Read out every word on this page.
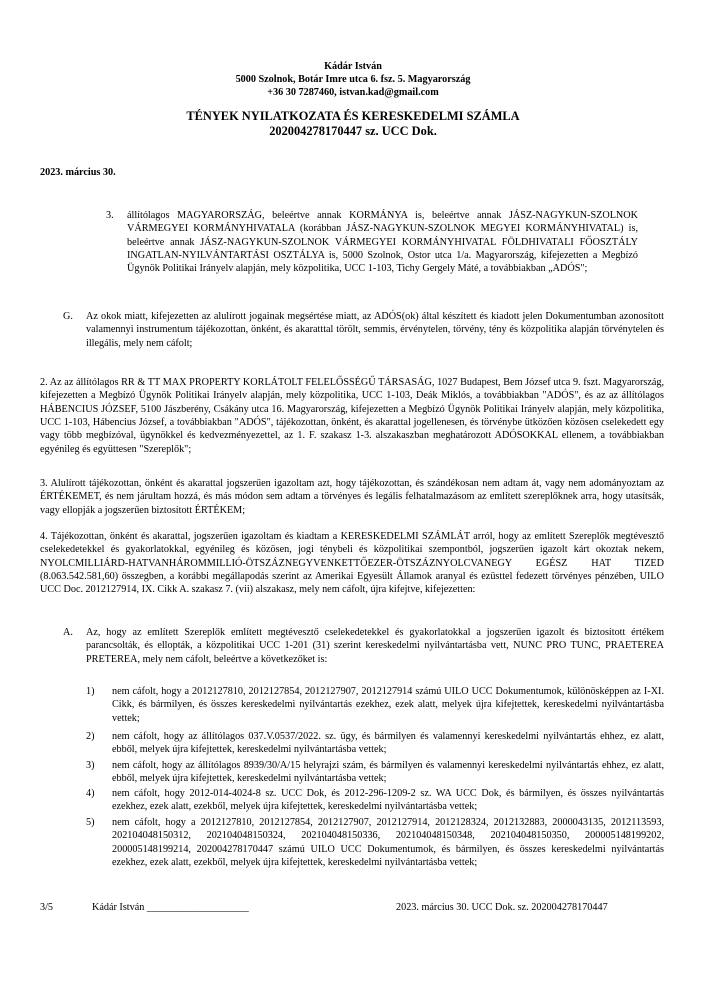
Kádár István
5000 Szolnok, Botár Imre utca 6. fsz. 5. Magyarország
+36 30 7287460, istvan.kad@gmail.com
TÉNYEK NYILATKOZATA ÉS KERESKEDELMI SZÁMLA
202004278170447 sz. UCC Dok.
2023. március 30.
3. állítólagos MAGYARORSZÁG, beleértve annak KORMÁNYA is, beleértve annak JÁSZ-NAGYKUN-SZOLNOK VÁRMEGYEI KORMÁNYHIVATALA (korábban JÁSZ-NAGYKUN-SZOLNOK MEGYEI KORMÁNYHIVATAL) is, beleértve annak JÁSZ-NAGYKUN-SZOLNOK VÁRMEGYEI KORMÁNYHIVATAL FÖLDHIVATALI FŐOSZTÁLY INGATLAN-NYILVÁNTARTÁSI OSZTÁLYA is, 5000 Szolnok, Ostor utca 1/a. Magyarország, kifejezetten a Megbízó Ügynök Politikai Irányelv alapján, mely közpolitika, UCC 1-103, Tichy Gergely Máté, a továbbiakban „ADÓS";
G. Az okok miatt, kifejezetten az alulírott jogainak megsértése miatt, az ADÓS(ok) által készített és kiadott jelen Dokumentumban azonosított valamennyi instrumentum tájékozottan, önként, és akaratttal törölt, semmis, érvénytelen, törvény, tény és közpolitika alapján törvénytelen és illegális, mely nem cáfolt;
2. Az az állítólagos RR & TT MAX PROPERTY KORLÁTOLT FELELŐSSÉGŰ TÁRSASÁG, 1027 Budapest, Bem József utca 9. fszt. Magyarország, kifejezetten a Megbízó Ügynök Politikai Irányelv alapján, mely közpolitika, UCC 1-103, Deák Miklós, a továbbiakban "ADÓS", és az az állítólagos HÁBENCIUS JÓZSEF, 5100 Jászberény, Csákány utca 16. Magyarország, kifejezetten a Megbízó Ügynök Politikai Irányelv alapján, mely közpolitika, UCC 1-103, Hábencius József, a továbbiakban "ADÓS", tájékozottan, önként, és akarattal jogellenesen, és törvénybe ütközően közösen cselekedett egy vagy több megbízóval, ügynökkel és kedvezményezettel, az 1. F. szakasz 1-3. alszakaszban meghatározott ADÓSOKKAL ellenem, a továbbiakban egyénileg és együttesen "Szereplők";
3. Alulírott tájékozottan, önként és akarattal jogszerűen igazoltam azt, hogy tájékozottan, és szándékosan nem adtam át, vagy nem adományoztam az ÉRTÉKEMET, és nem járultam hozzá, és más módon sem adtam a törvényes és legális felhatalmazásom az említett szereplőknek arra, hogy utasítsák, vagy ellopják a jogszerűen biztosított ÉRTÉKEM;
4. Tájékozottan, önként és akarattal, jogszerűen igazoltam és kiadtam a KERESKEDELMI SZÁMLÁT arról, hogy az említett Szereplők megtévesztő cselekedetekkel és gyakorlatokkal, egyénileg és közösen, jogi ténybeli és közpolitikai szempontból, jogszerűen igazolt kárt okoztak nekem, NYOLCMILLIÁRD-HATVANHÁROMMILLIÓ-ÖTSZÁZNEGYVENKETTŐEZER-ÖTSZÁZNYOLCVANEGY EGÉSZ HAT TIZED (8.063.542.581,60) összegben, a korábbi megállapodás szerint az Amerikai Egyesült Államok aranyal és ezüsttel fedezett törvényes pénzében, UILO UCC Doc. 2012127914, IX. Cikk A. szakasz 7. (vii) alszakasz, mely nem cáfolt, újra kifejtve, kifejezetten:
A. Az, hogy az említett Szereplők említett megtévesztő cselekedetekkel és gyakorlatokkal a jogszerűen igazolt és biztosított értékem parancsolták, és ellopták, a közpolitikai UCC 1-201 (31) szerint kereskedelmi nyilvántartásba vett, NUNC PRO TUNC, PRAETEREA PRETEREA, mely nem cáfolt, beleértve a következőket is:
1) nem cáfolt, hogy a 2012127810, 2012127854, 2012127907, 2012127914 számú UILO UCC Dokumentumok, különösképpen az I-XI. Cikk, és bármilyen, és összes kereskedelmi nyilvántartás ezekhez, ezek alatt, melyek újra kifejtettek, kereskedelmi nyilvántartásba vettek;
2) nem cáfolt, hogy az állítólagos 037.V.0537/2022. sz. ügy, és bármilyen és valamennyi kereskedelmi nyilvántartás ehhez, ez alatt, ebből, melyek újra kifejtettek, kereskedelmi nyilvántartásba vettek;
3) nem cáfolt, hogy az állítólagos 8939/30/A/15 helyrajzi szám, és bármilyen és valamennyi kereskedelmi nyilvántartás ehhez, ez alatt, ebből, melyek újra kifejtettek, kereskedelmi nyilvántartásba vettek;
4) nem cáfolt, hogy 2012-014-4024-8 sz. UCC Dok, és 2012-296-1209-2 sz. WA UCC Dok, és bármilyen, és összes nyilvántartás ezekhez, ezek alatt, ezekből, melyek újra kifejtettek, kereskedelmi nyilvántartásba vettek;
5) nem cáfolt, hogy a 2012127810, 2012127854, 2012127907, 2012127914, 2012128324, 2012132883, 2000043135, 2012113593, 202104048150312, 202104048150324, 202104048150336, 202104048150348, 202104048150350, 200005148199202, 200005148199214, 202004278170447 számú UILO UCC Dokumentumok, és bármilyen, és összes kereskedelmi nyilvántartás ezekhez, ezek alatt, ezekből, melyek újra kifejtettek, kereskedelmi nyilvántartásba vettek;
3/5	Kádár István ____________________	2023. március 30. UCC Dok. sz. 202004278170447
